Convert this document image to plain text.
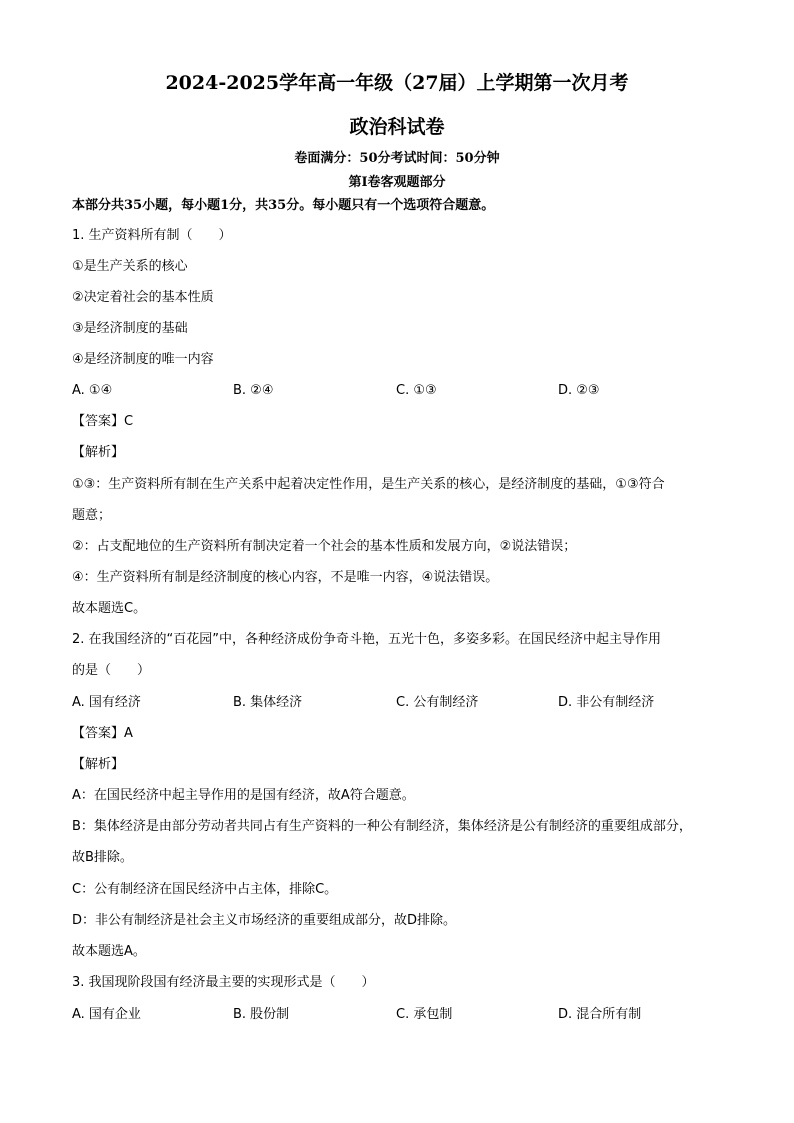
2024-2025学年高一年级（27届）上学期第一次月考
政治科试卷
卷面满分：50分考试时间：50分钟
第Ⅰ卷客观题部分
本部分共35小题，每小题1分，共35分。每小题只有一个选项符合题意。
1. 生产资料所有制（　　）
①是生产关系的核心
②决定着社会的基本性质
③是经济制度的基础
④是经济制度的唯一内容
A. ①④	B. ②④	C. ①③	D. ②③
【答案】C
【解析】
①③：生产资料所有制在生产关系中起着决定性作用，是生产关系的核心，是经济制度的基础，①③符合
题意；
②：占支配地位的生产资料所有制决定着一个社会的基本性质和发展方向，②说法错误；
④：生产资料所有制是经济制度的核心内容，不是唯一内容，④说法错误。
故本题选C。
2. 在我国经济的“百花园”中，各种经济成份争奇斗艳，五光十色，多姿多彩。在国民经济中起主导作用
的是（　　）
A. 国有经济	B. 集体经济	C. 公有制经济	D. 非公有制经济
【答案】A
【解析】
A：在国民经济中起主导作用的是国有经济，故A符合题意。
B：集体经济是由部分劳动者共同占有生产资料的一种公有制经济，集体经济是公有制经济的重要组成部分，
故B排除。
C：公有制经济在国民经济中占主体，排除C。
D：非公有制经济是社会主义市场经济的重要组成部分，故D排除。
故本题选A。
3. 我国现阶段国有经济最主要的实现形式是（　　）
A. 国有企业	B. 股份制	C. 承包制	D. 混合所有制
